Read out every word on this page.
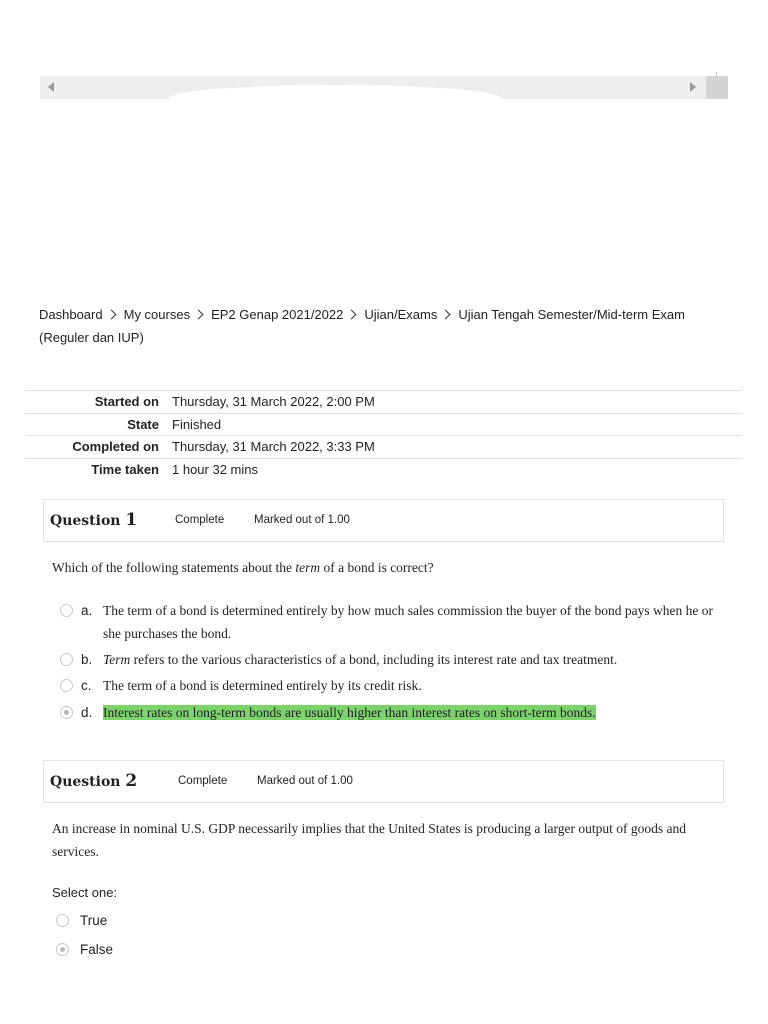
Dashboard My courses EP2 Genap 2021/2022 Ujian/Exams Ujian Tengah Semester/Mid-term Exam (Reguler dan IUP)
Started on	Thursday, 31 March 2022, 2:00 PM
State	Finished
Completed on	Thursday, 31 March 2022, 3:33 PM
Time taken	1 hour 32 mins
Question 1	Complete	Marked out of 1.00
Which of the following statements about the term of a bond is correct?
a. The term of a bond is determined entirely by how much sales commission the buyer of the bond pays when he or she purchases the bond.
b. Term refers to the various characteristics of a bond, including its interest rate and tax treatment.
c. The term of a bond is determined entirely by its credit risk.
d. Interest rates on long-term bonds are usually higher than interest rates on short-term bonds.
Question 2	Complete	Marked out of 1.00
An increase in nominal U.S. GDP necessarily implies that the United States is producing a larger output of goods and services.
Select one:
True
False
